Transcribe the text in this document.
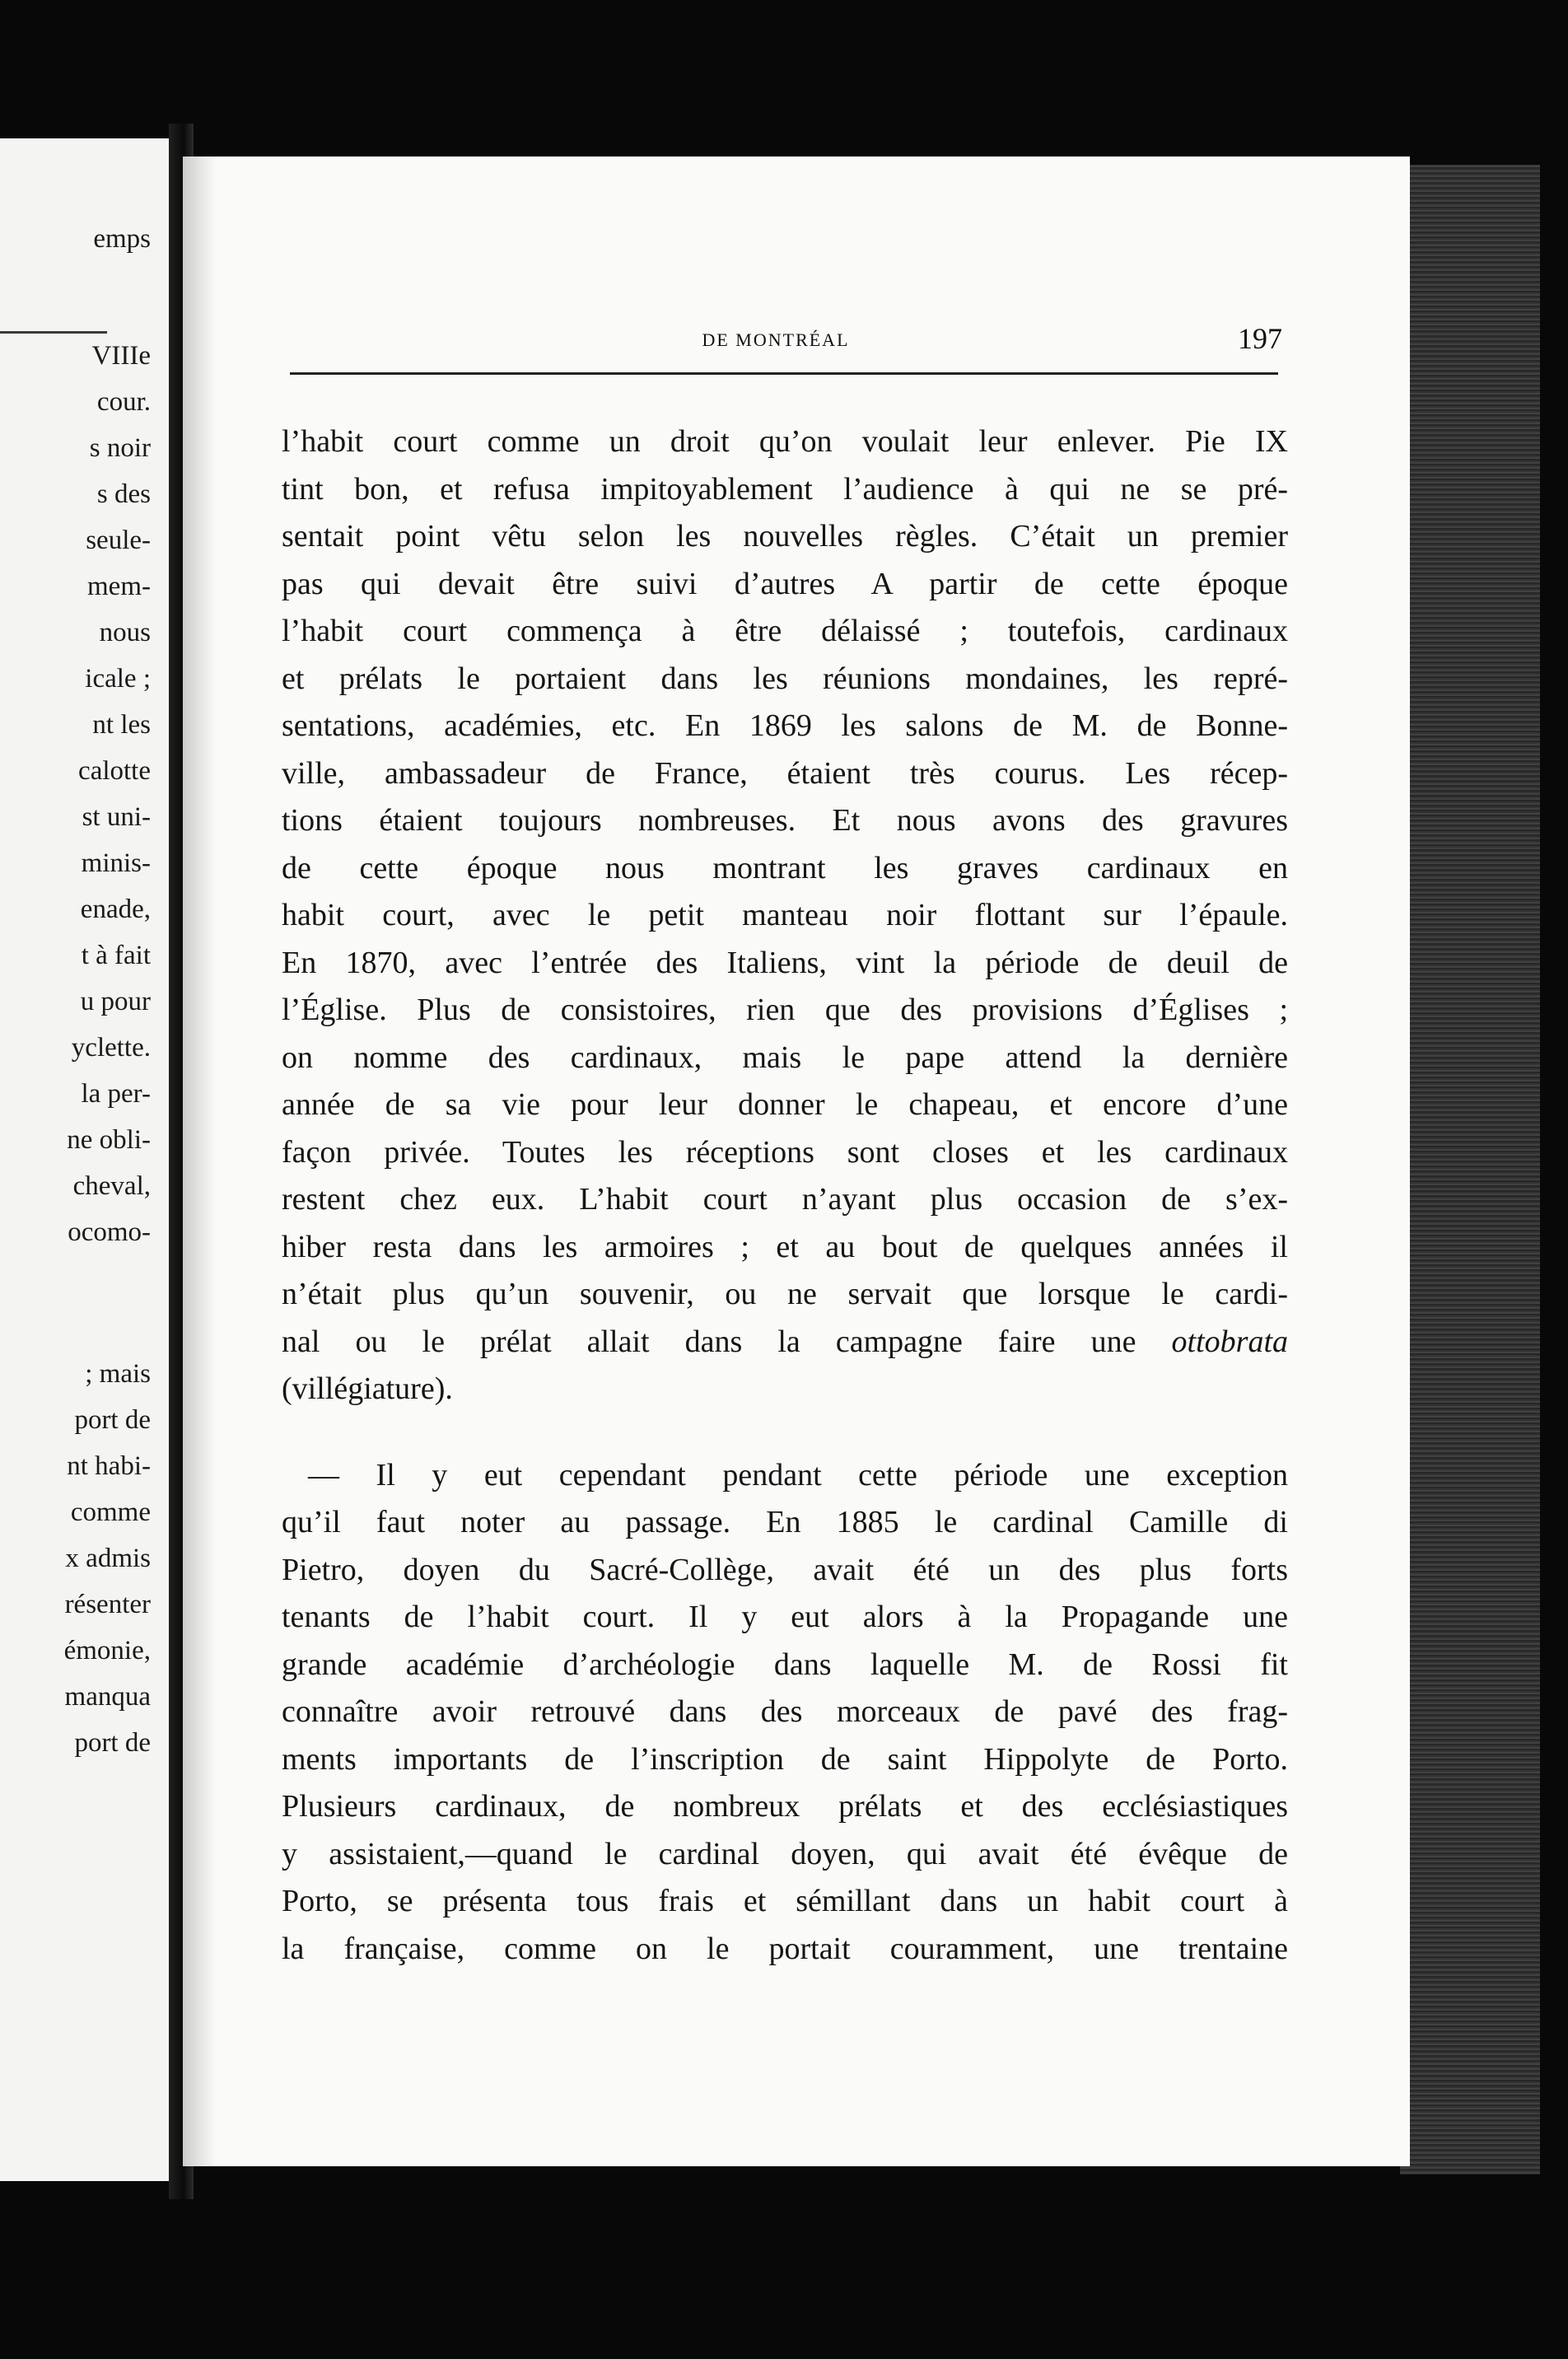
emps
VIIIe
cour.
s noir
s des
seule-
mem-
nous
icale ;
nt les
calotte
st uni-
minis-
enade,
t à fait
u pour
yclette.
la per-
ne obli-
cheval,
ocomo-
; mais
port de
nt habi-
comme
x admis
résenter
émonie,
manqua
port de
DE MONTRÉAL	197
l’habit court comme un droit qu’on voulait leur enlever. Pie IX
tint bon, et refusa impitoyablement l’audience à qui ne se pré-
sentait point vêtu selon les nouvelles règles. C’était un premier
pas qui devait être suivi d’autres A partir de cette époque
l’habit court commença à être délaissé ; toutefois, cardinaux
et prélats le portaient dans les réunions mondaines, les repré-
sentations, académies, etc. En 1869 les salons de M. de Bonne-
ville, ambassadeur de France, étaient très courus. Les récep-
tions étaient toujours nombreuses. Et nous avons des gravures
de cette époque nous montrant les graves cardinaux en
habit court, avec le petit manteau noir flottant sur l’épaule.
En 1870, avec l’entrée des Italiens, vint la période de deuil de
l’Église. Plus de consistoires, rien que des provisions d’Églises ;
on nomme des cardinaux, mais le pape attend la dernière
année de sa vie pour leur donner le chapeau, et encore d’une
façon privée. Toutes les réceptions sont closes et les cardinaux
restent chez eux. L’habit court n’ayant plus occasion de s’ex-
hiber resta dans les armoires ; et au bout de quelques années il
n’était plus qu’un souvenir, ou ne servait que lorsque le cardi-
nal ou le prélat allait dans la campagne faire une ottobrata
(villégiature).
— Il y eut cependant pendant cette période une exception
qu’il faut noter au passage. En 1885 le cardinal Camille di
Pietro, doyen du Sacré-Collège, avait été un des plus forts
tenants de l’habit court. Il y eut alors à la Propagande une
grande académie d’archéologie dans laquelle M. de Rossi fit
connaître avoir retrouvé dans des morceaux de pavé des frag-
ments importants de l’inscription de saint Hippolyte de Porto.
Plusieurs cardinaux, de nombreux prélats et des ecclésiastiques
y assistaient,—quand le cardinal doyen, qui avait été évêque de
Porto, se présenta tous frais et sémillant dans un habit court à
la française, comme on le portait couramment, une trentaine
